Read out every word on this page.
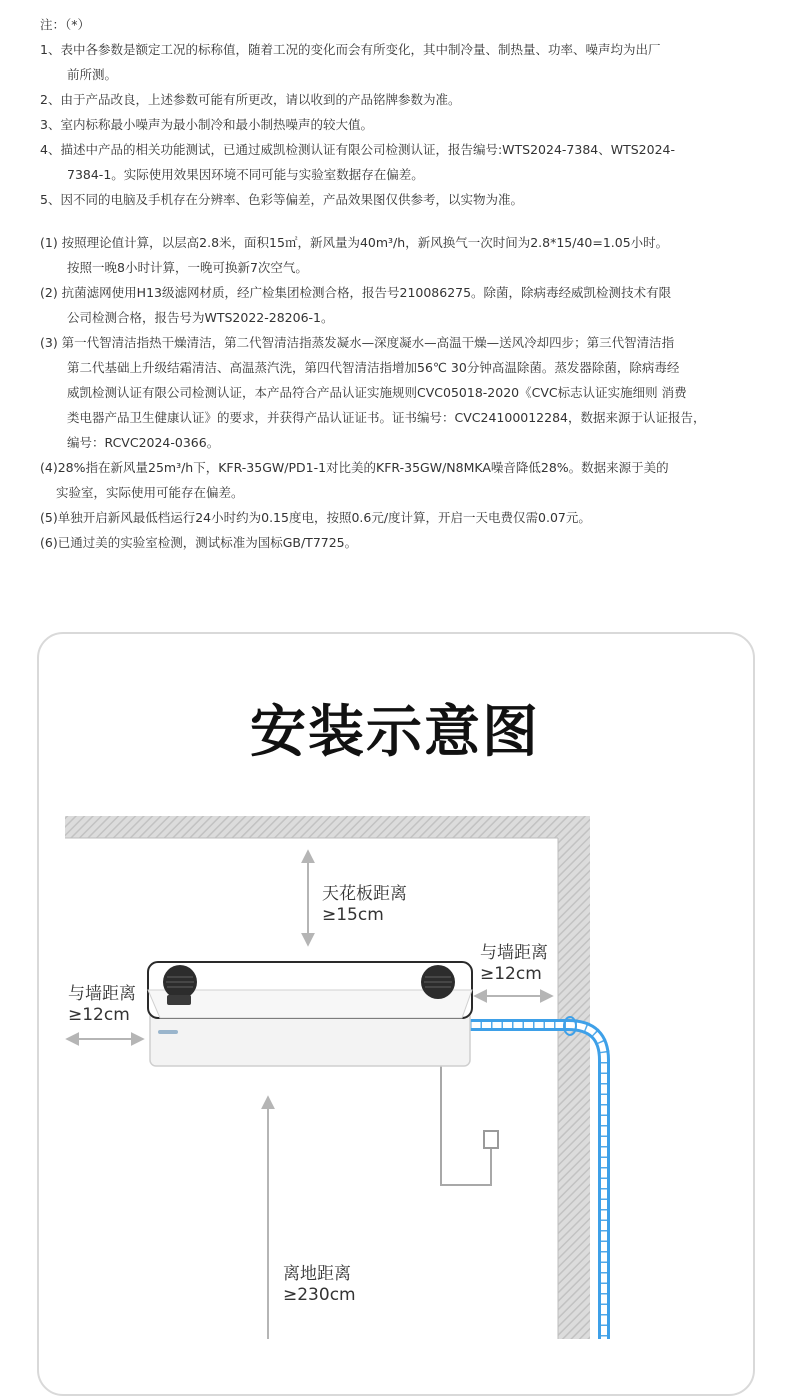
注：（*）

1、表中各参数是额定工况的标称值，随着工况的变化而会有所变化，其中制冷量、制热量、功率、噪声均为出厂

前所测。

2、由于产品改良，上述参数可能有所更改，请以收到的产品铭牌参数为准。

3、室内标称最小噪声为最小制冷和最小制热噪声的较大值。

4、描述中产品的相关功能测试，已通过威凯检测认证有限公司检测认证，报告编号:WTS2024-7384、WTS2024-

7384-1。实际使用效果因环境不同可能与实验室数据存在偏差。

5、因不同的电脑及手机存在分辨率、色彩等偏差，产品效果图仅供参考，以实物为准。

(1) 按照理论值计算，以层高2.8米，面积15㎡，新风量为40m³/h，新风换气一次时间为2.8*15/40=1.05小时。

按照一晚8小时计算，一晚可换新7次空气。

(2) 抗菌滤网使用H13级滤网材质，经广检集团检测合格，报告号210086275。除菌，除病毒经威凯检测技术有限

公司检测合格，报告号为WTS2022-28206-1。

(3) 第一代智清洁指热干燥清洁，第二代智清洁指蒸发凝水—深度凝水—高温干燥—送风冷却四步；第三代智清洁指

第二代基础上升级结霜清洁、高温蒸汽洗，第四代智清洁指增加56℃ 30分钟高温除菌。蒸发器除菌，除病毒经

威凯检测认证有限公司检测认证，本产品符合产品认证实施规则CVC05018-2020《CVC标志认证实施细则 消费

类电器产品卫生健康认证》的要求，并获得产品认证证书。证书编号：CVC24100012284，数据来源于认证报告，

编号：RCVC2024-0366。

(4)28%指在新风量25m³/h下，KFR-35GW/PD1-1对比美的KFR-35GW/N8MKA噪音降低28%。数据来源于美的

实验室，实际使用可能存在偏差。

(5)单独开启新风最低档运行24小时约为0.15度电，按照0.6元/度计算，开启一天电费仅需0.07元。

(6)已通过美的实验室检测，测试标准为国标GB/T7725。

安装示意图
天花板距离
≥15cm
与墙距离
≥12cm
与墙距离
≥12cm
离地距离
≥230cm
